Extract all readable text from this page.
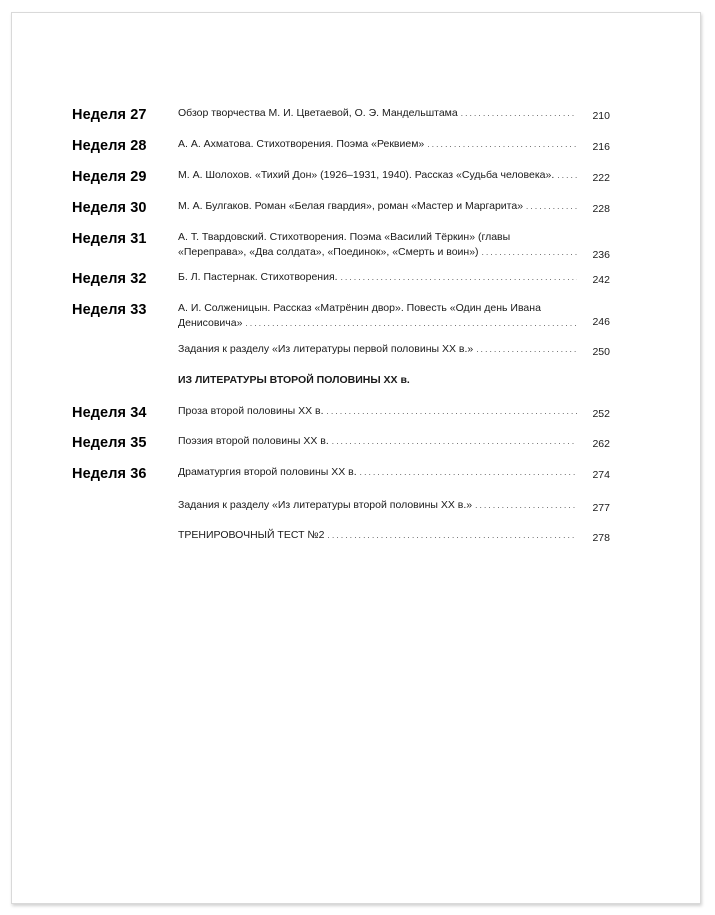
Неделя 27	Обзор творчества М. И. Цветаевой, О. Э. Мандельштама . . .	210
Неделя 28	А. А. Ахматова. Стихотворения. Поэма «Реквием» . . .	216
Неделя 29	М. А. Шолохов. «Тихий Дон» (1926–1931, 1940). Рассказ «Судьба человека». . . .	222
Неделя 30	М. А. Булгаков. Роман «Белая гвардия», роман «Мастер и Маргарита» . . .	228
Неделя 31	А. Т. Твардовский. Стихотворения. Поэма «Василий Тёркин» (главы
«Переправа», «Два солдата», «Поединок», «Смерть и воин») . . .	236
Неделя 32	Б. Л. Пастернак. Стихотворения. . . .	242
Неделя 33	А. И. Солженицын. Рассказ «Матрёнин двор». Повесть «Один день Ивана
Денисовича» . . .	246
Задания к разделу «Из литературы первой половины XX в.» . . .	250
ИЗ ЛИТЕРАТУРЫ ВТОРОЙ ПОЛОВИНЫ XX в.
Неделя 34	Проза второй половины XX в. . . .	252
Неделя 35	Поэзия второй половины XX в. . . .	262
Неделя 36	Драматургия второй половины XX в. . . .	274
Задания к разделу «Из литературы второй половины XX в.» . . .	277
ТРЕНИРОВОЧНЫЙ ТЕСТ №2 . . .	278
